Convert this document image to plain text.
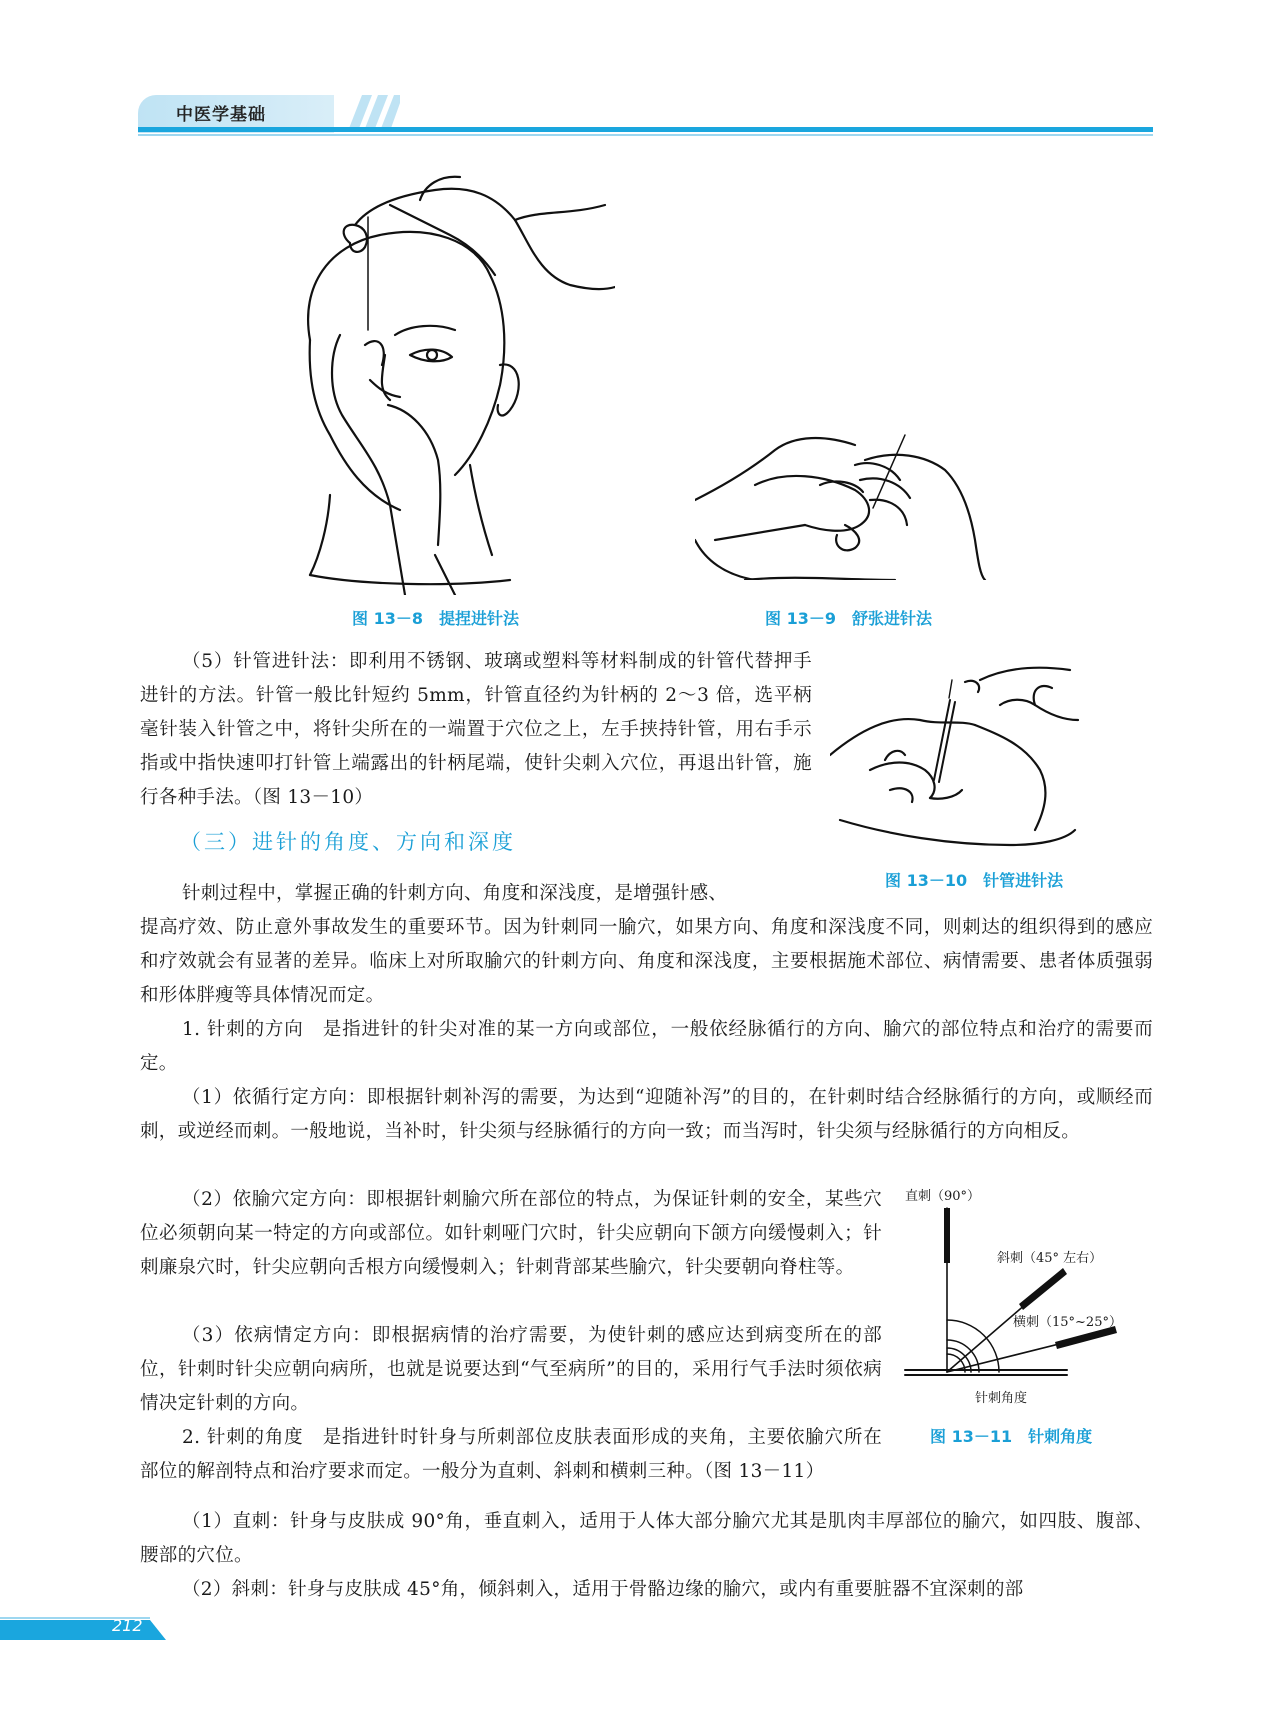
中医学基础
图 13－8　提捏进针法	图 13－9　舒张进针法

（5）针管进针法：即利用不锈钢、玻璃或塑料等材料制成的针管代替押手进针的方法。针管一般比针短约 5mm，针管直径约为针柄的 2～3 倍，选平柄毫针装入针管之中，将针尖所在的一端置于穴位之上，左手挟持针管，用右手示指或中指快速叩打针管上端露出的针柄尾端，使针尖刺入穴位，再退出针管，施行各种手法。（图 13－10）

图 13－10　针管进针法
（三）进针的角度、方向和深度

针刺过程中，掌握正确的针刺方向、角度和深浅度，是增强针感、

提高疗效、防止意外事故发生的重要环节。因为针刺同一腧穴，如果方向、角度和深浅度不同，则刺达的组织得到的感应和疗效就会有显著的差异。临床上对所取腧穴的针刺方向、角度和深浅度，主要根据施术部位、病情需要、患者体质强弱和形体胖瘦等具体情况而定。

1. 针刺的方向　是指进针的针尖对准的某一方向或部位，一般依经脉循行的方向、腧穴的部位特点和治疗的需要而定。

（1）依循行定方向：即根据针刺补泻的需要，为达到“迎随补泻”的目的，在针刺时结合经脉循行的方向，或顺经而刺，或逆经而刺。一般地说，当补时，针尖须与经脉循行的方向一致；而当泻时，针尖须与经脉循行的方向相反。

（2）依腧穴定方向：即根据针刺腧穴所在部位的特点，为保证针刺的安全，某些穴位必须朝向某一特定的方向或部位。如针刺哑门穴时，针尖应朝向下颌方向缓慢刺入；针刺廉泉穴时，针尖应朝向舌根方向缓慢刺入；针刺背部某些腧穴，针尖要朝向脊柱等。

（3）依病情定方向：即根据病情的治疗需要，为使针刺的感应达到病变所在的部位，针刺时针尖应朝向病所，也就是说要达到“气至病所”的目的，采用行气手法时须依病情决定针刺的方向。

2. 针刺的角度　是指进针时针身与所刺部位皮肤表面形成的夹角，主要依腧穴所在部位的解剖特点和治疗要求而定。一般分为直刺、斜刺和横刺三种。（图 13－11）

直刺（90°）
斜刺（45° 左右）
横刺（15°~25°）
针刺角度
图 13－11　针刺角度

（1）直刺：针身与皮肤成 90°角，垂直刺入，适用于人体大部分腧穴尤其是肌肉丰厚部位的腧穴，如四肢、腹部、腰部的穴位。

（2）斜刺：针身与皮肤成 45°角，倾斜刺入，适用于骨骼边缘的腧穴，或内有重要脏器不宜深刺的部

212
